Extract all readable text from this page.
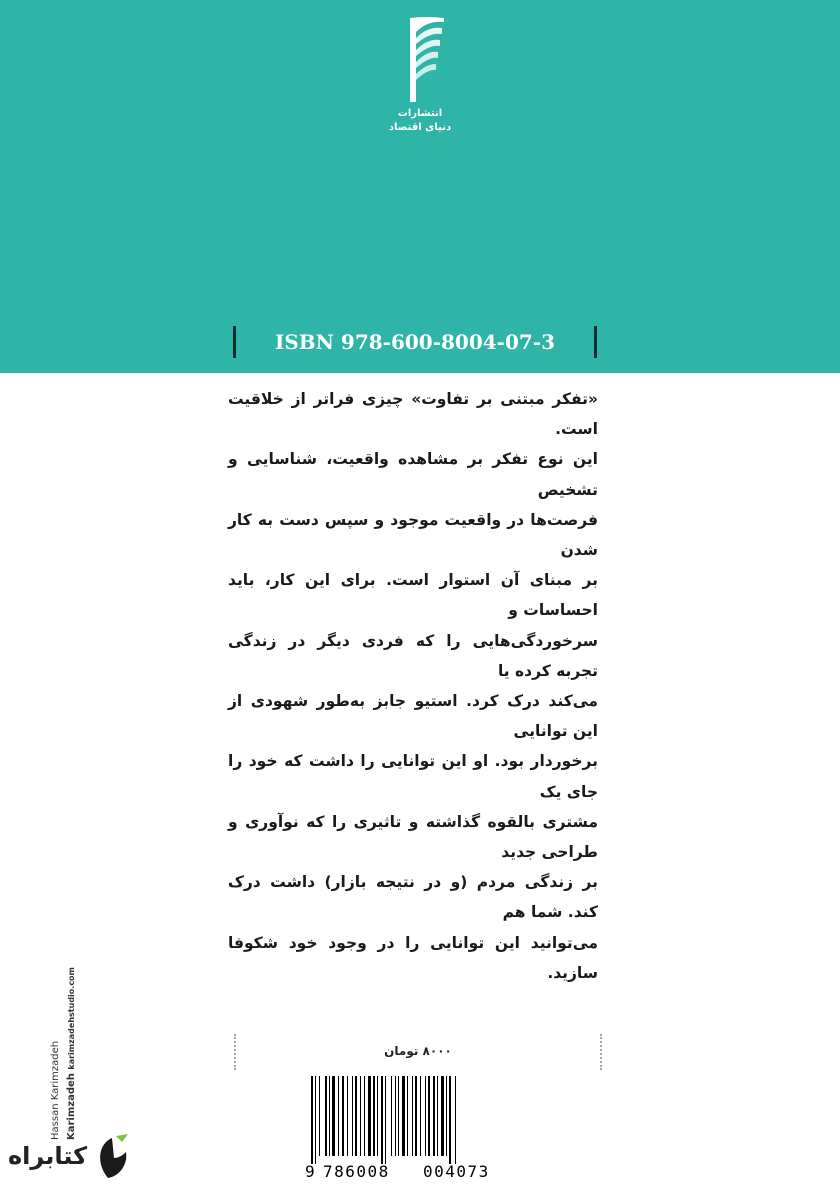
انتشارات
دنیای اقتصاد
ISBN 978-600-8004-07-3

«تفکر مبتنی بر تفاوت» چیزی فراتر از خلاقیت است.

این نوع تفکر بر مشاهده واقعیت، شناسایی و تشخیص

فرصت‌ها در واقعیت موجود و سپس دست به کار شدن

بر مبنای آن استوار است. برای این کار، باید احساسات و

سرخوردگی‌هایی را که فردی دیگر در زندگی تجربه کرده یا

می‌کند درک کرد. استیو جابز به‌طور شهودی از این توانایی

برخوردار بود. او این توانایی را داشت که خود را جای یک

مشتری بالقوه گذاشته و تاثیری را که نوآوری و طراحی جدید

بر زندگی مردم (و در نتیجه بازار) داشت درک کند. شما هم

می‌توانید این توانایی را در وجود خود شکوفا سازید.

Hassan Karimzadeh Karimzadeh karimzadehstudio.com	۸۰۰۰ تومان
9 786008 004073
کتابراه
